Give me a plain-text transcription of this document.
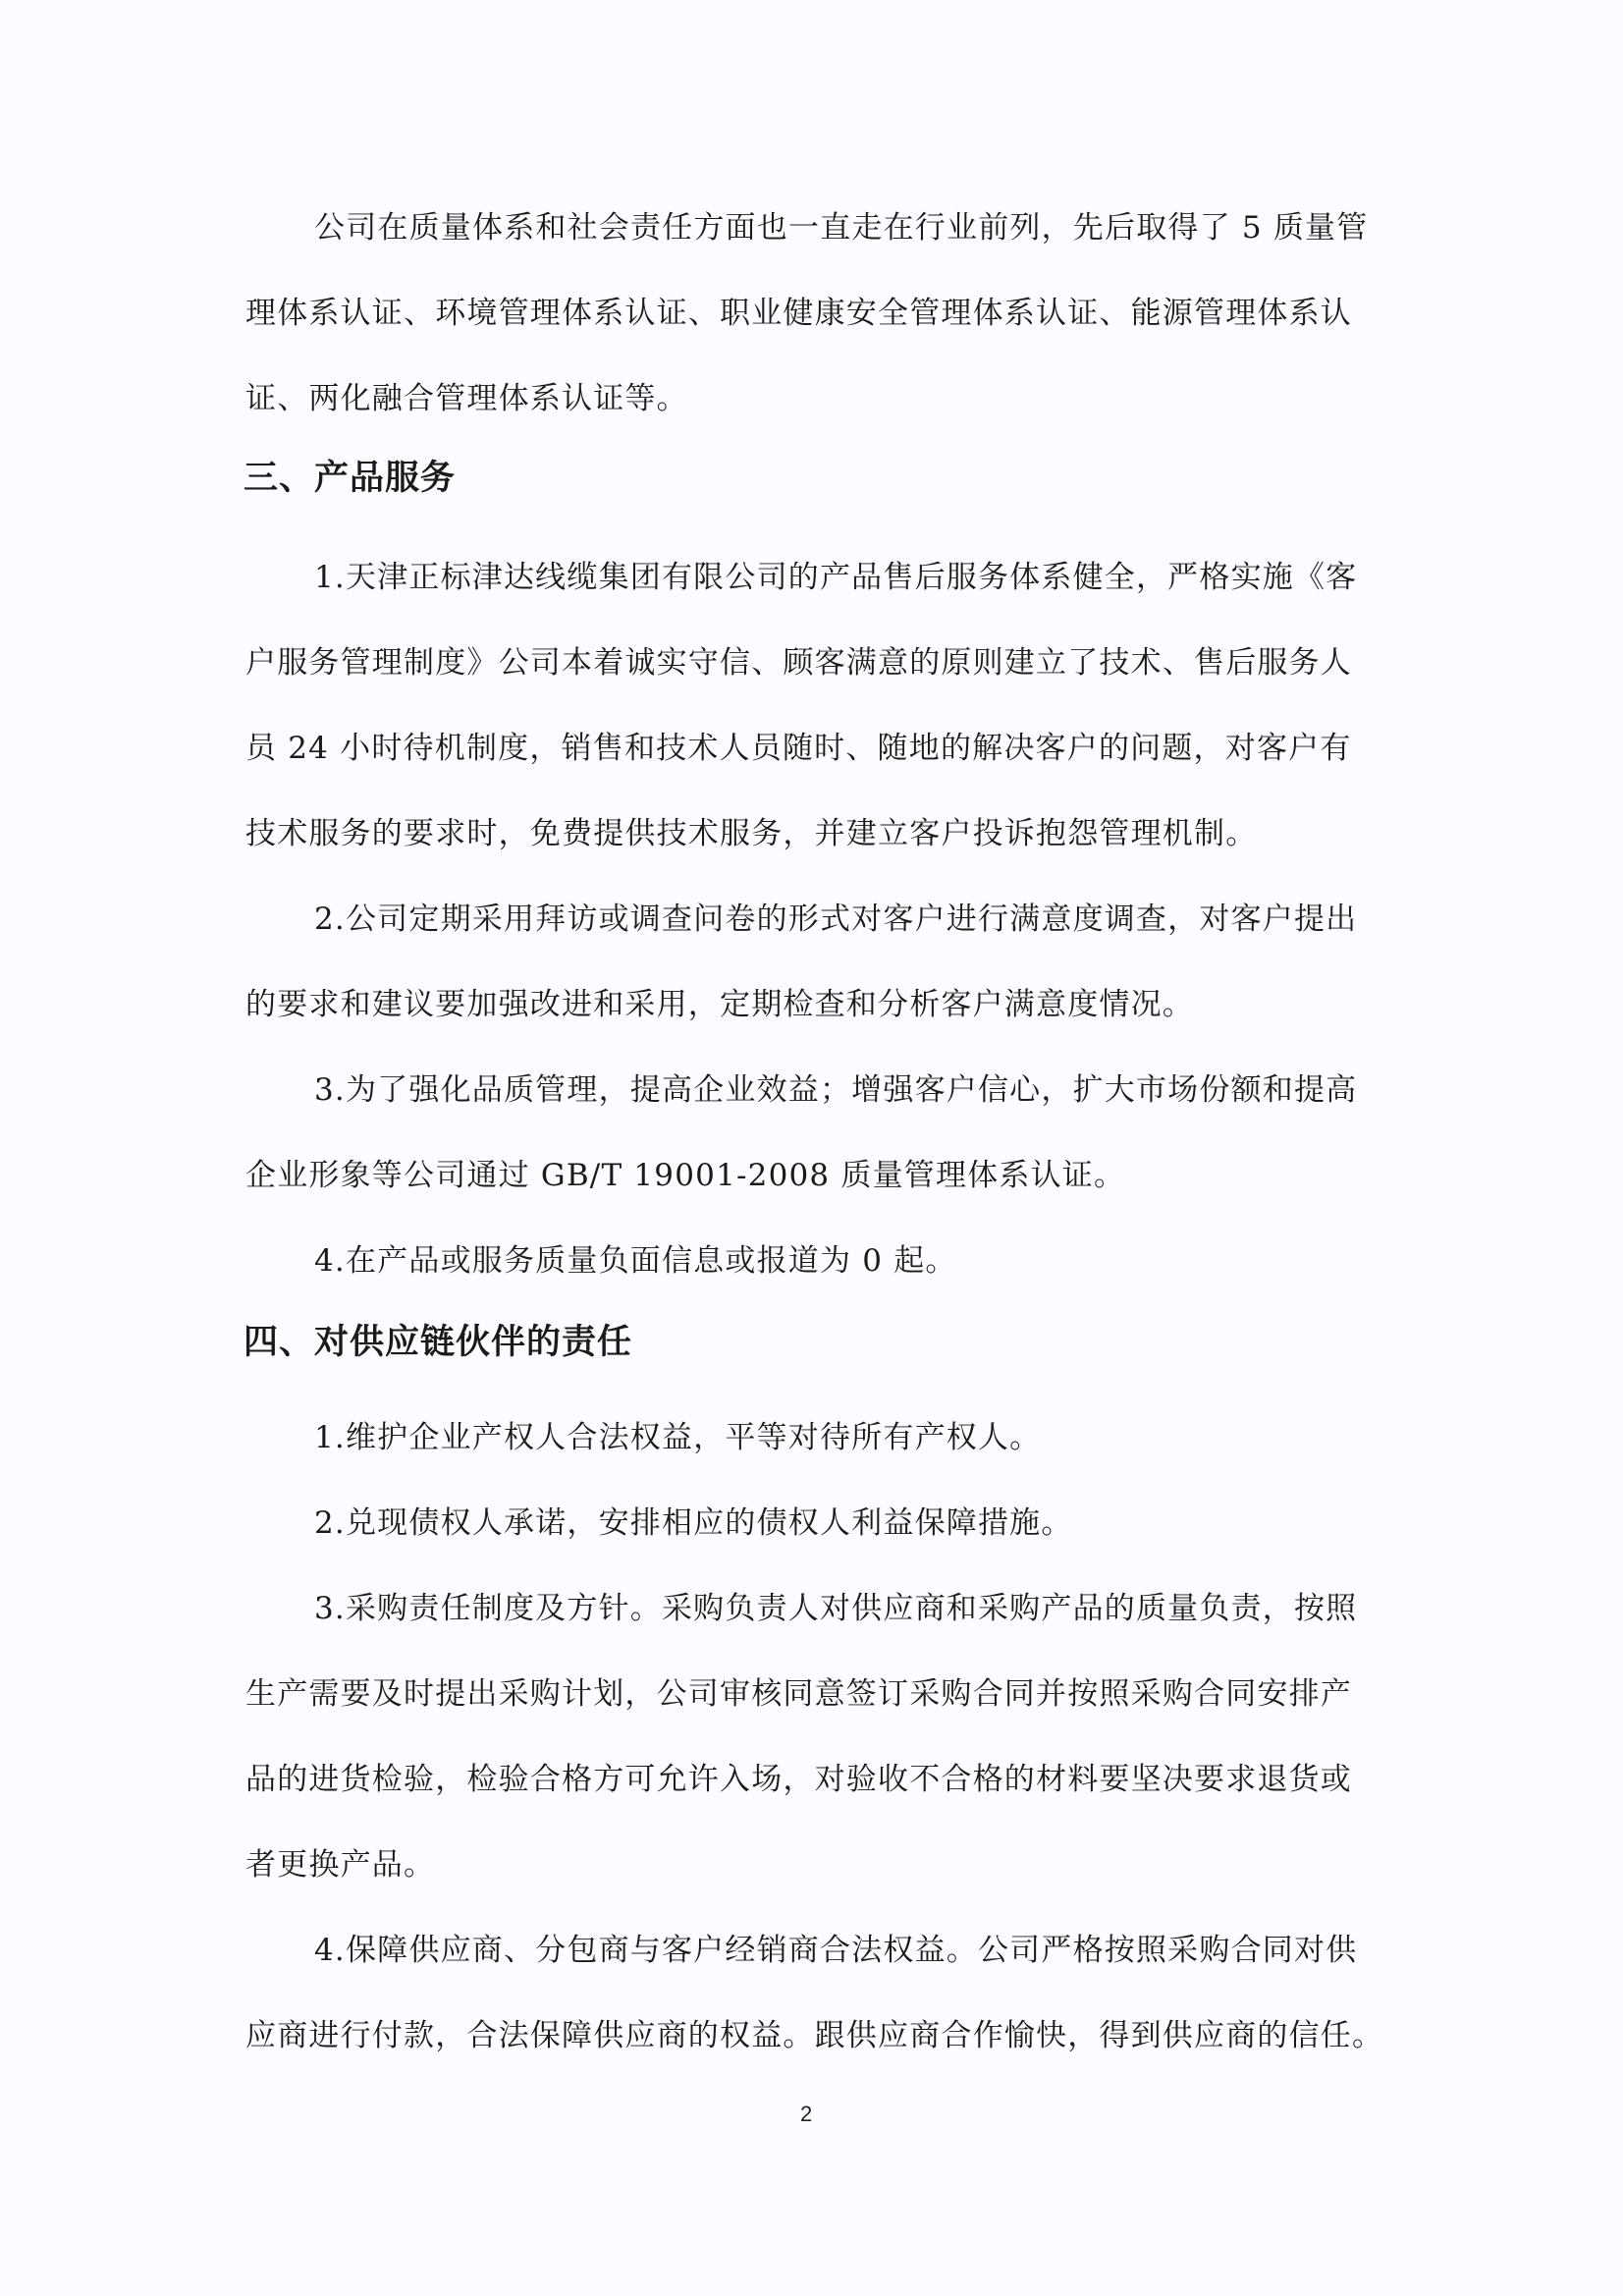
公司在质量体系和社会责任方面也一直走在行业前列，先后取得了 5 质量管
理体系认证、环境管理体系认证、职业健康安全管理体系认证、能源管理体系认
证、两化融合管理体系认证等。
三、产品服务
1.天津正标津达线缆集团有限公司的产品售后服务体系健全，严格实施《客
户服务管理制度》公司本着诚实守信、顾客满意的原则建立了技术、售后服务人
员 24 小时待机制度，销售和技术人员随时、随地的解决客户的问题，对客户有
技术服务的要求时，免费提供技术服务，并建立客户投诉抱怨管理机制。
2.公司定期采用拜访或调查问卷的形式对客户进行满意度调查，对客户提出
的要求和建议要加强改进和采用，定期检查和分析客户满意度情况。
3.为了强化品质管理，提高企业效益；增强客户信心，扩大市场份额和提高
企业形象等公司通过 GB/T 19001-2008 质量管理体系认证。
4.在产品或服务质量负面信息或报道为 0 起。
四、对供应链伙伴的责任
1.维护企业产权人合法权益，平等对待所有产权人。
2.兑现债权人承诺，安排相应的债权人利益保障措施。
3.采购责任制度及方针。采购负责人对供应商和采购产品的质量负责，按照
生产需要及时提出采购计划，公司审核同意签订采购合同并按照采购合同安排产
品的进货检验，检验合格方可允许入场，对验收不合格的材料要坚决要求退货或
者更换产品。
4.保障供应商、分包商与客户经销商合法权益。公司严格按照采购合同对供
应商进行付款，合法保障供应商的权益。跟供应商合作愉快，得到供应商的信任。
2
